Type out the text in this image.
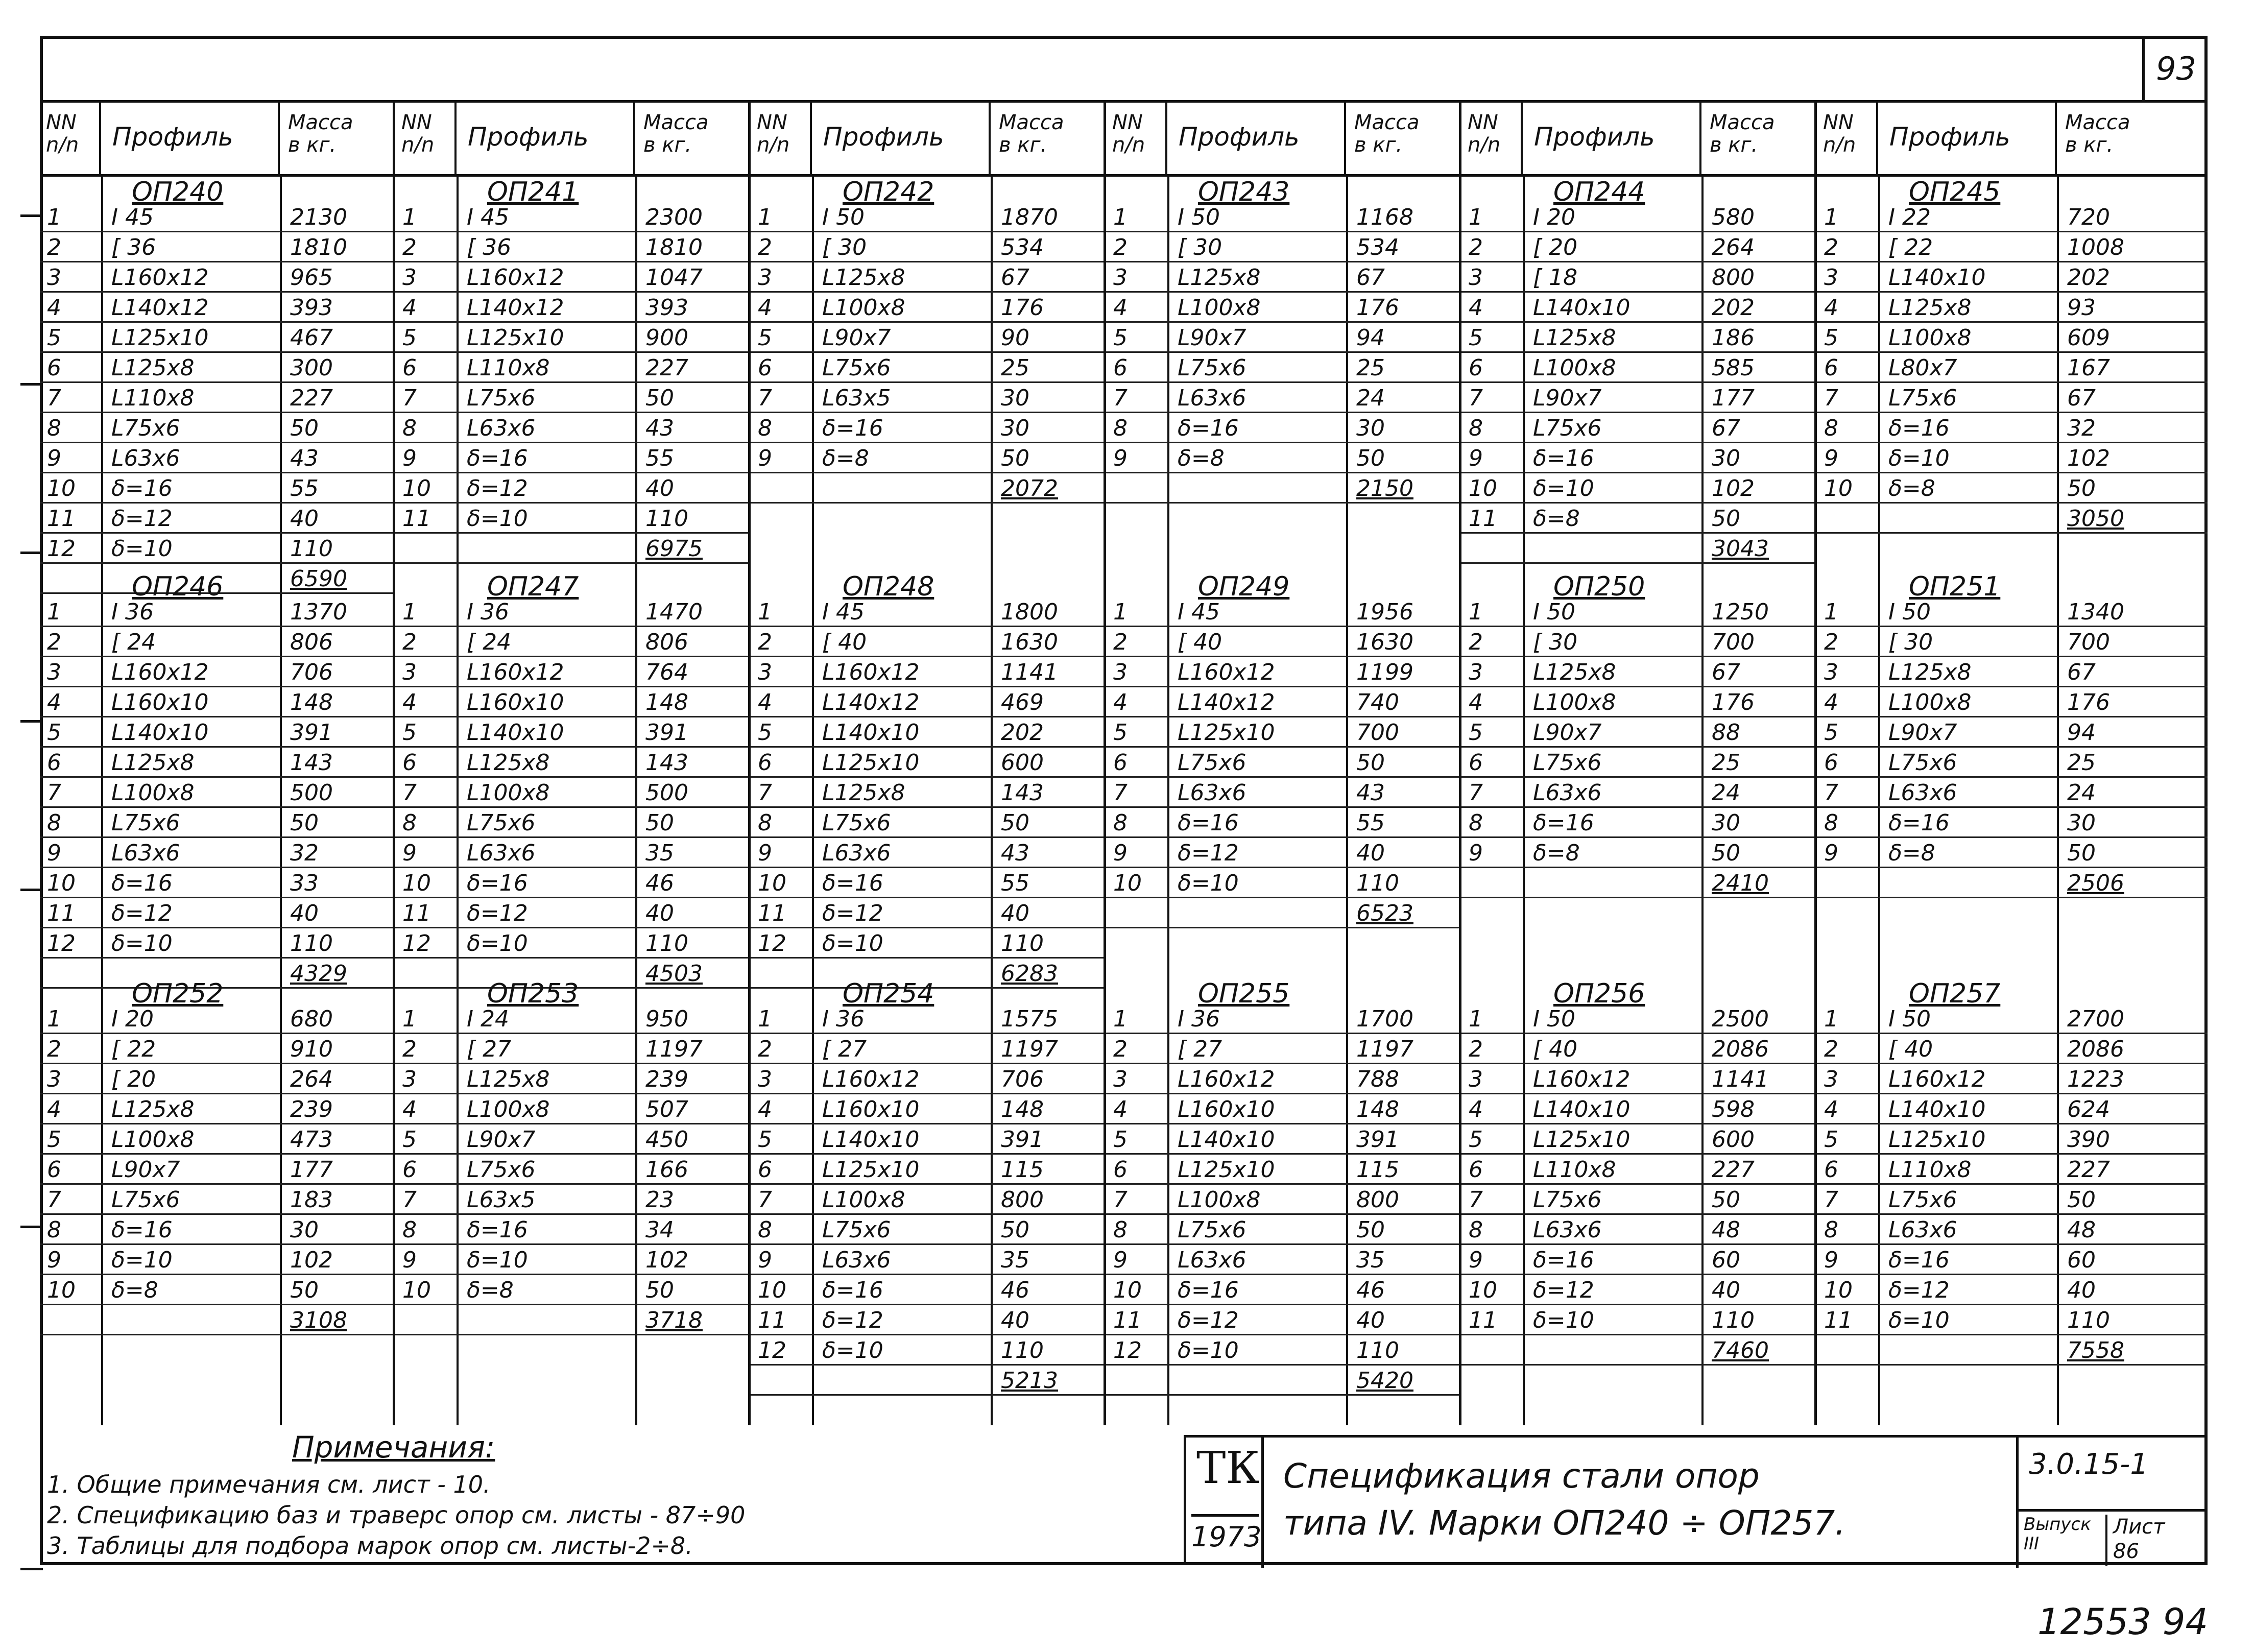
93
NN
n/n	Профиль	Масса
в кг.
ОП240
1 I 45	2130
2 [ 36	1810
3 L160x12	965
4 L140x12	393
5 L125x10	467
6 L125x8	300
7 L110x8	227
8 L75x6	50
9 L63x6	43
10 δ=16	55
11 δ=12	40
12 δ=10	110
6590
ОП246
1 I 36	1370
2 [ 24	806
3 L160x12	706
4 L160x10	148
5 L140x10	391
6 L125x8	143
7 L100x8	500
8 L75x6	50
9 L63x6	32
10 δ=16	33
11 δ=12	40
12 δ=10	110
4329
ОП252
1 I 20	680
2 [ 22	910
3 [ 20	264
4 L125x8	239
5 L100x8	473
6 L90x7	177
7 L75x6	183
8 δ=16	30
9 δ=10	102
10 δ=8	50
3108
NN
n/n	Профиль	Масса
в кг.
ОП241
1 I 45	2300
2 [ 36	1810
3 L160x12	1047
4 L140x12	393
5 L125x10	900
6 L110x8	227
7 L75x6	50
8 L63x6	43
9 δ=16	55
10 δ=12	40
11 δ=10	110
6975
ОП247
1 I 36	1470
2 [ 24	806
3 L160x12	764
4 L160x10	148
5 L140x10	391
6 L125x8	143
7 L100x8	500
8 L75x6	50
9 L63x6	35
10 δ=16	46
11 δ=12	40
12 δ=10	110
4503
ОП253
1 I 24	950
2 [ 27	1197
3 L125x8	239
4 L100x8	507
5 L90x7	450
6 L75x6	166
7 L63x5	23
8 δ=16	34
9 δ=10	102
10 δ=8	50
3718
NN
n/n	Профиль	Масса
в кг.
ОП242
1 I 50	1870
2 [ 30	534
3 L125x8	67
4 L100x8	176
5 L90x7	90
6 L75x6	25
7 L63x5	30
8 δ=16	30
9 δ=8	50
2072
ОП248
1 I 45	1800
2 [ 40	1630
3 L160x12	1141
4 L140x12	469
5 L140x10	202
6 L125x10	600
7 L125x8	143
8 L75x6	50
9 L63x6	43
10 δ=16	55
11 δ=12	40
12 δ=10	110
6283
ОП254
1 I 36	1575
2 [ 27	1197
3 L160x12	706
4 L160x10	148
5 L140x10	391
6 L125x10	115
7 L100x8	800
8 L75x6	50
9 L63x6	35
10 δ=16	46
11 δ=12	40
12 δ=10	110
5213
NN
n/n	Профиль	Масса
в кг.
ОП243
1 I 50	1168
2 [ 30	534
3 L125x8	67
4 L100x8	176
5 L90x7	94
6 L75x6	25
7 L63x6	24
8 δ=16	30
9 δ=8	50
2150
ОП249
1 I 45	1956
2 [ 40	1630
3 L160x12	1199
4 L140x12	740
5 L125x10	700
6 L75x6	50
7 L63x6	43
8 δ=16	55
9 δ=12	40
10 δ=10	110
6523
ОП255
1 I 36	1700
2 [ 27	1197
3 L160x12	788
4 L160x10	148
5 L140x10	391
6 L125x10	115
7 L100x8	800
8 L75x6	50
9 L63x6	35
10 δ=16	46
11 δ=12	40
12 δ=10	110
5420
NN
n/n	Профиль	Масса
в кг.
ОП244
1 I 20	580
2 [ 20	264
3 [ 18	800
4 L140x10	202
5 L125x8	186
6 L100x8	585
7 L90x7	177
8 L75x6	67
9 δ=16	30
10 δ=10	102
11 δ=8	50
3043
ОП250
1 I 50	1250
2 [ 30	700
3 L125x8	67
4 L100x8	176
5 L90x7	88
6 L75x6	25
7 L63x6	24
8 δ=16	30
9 δ=8	50
2410
ОП256
1 I 50	2500
2 [ 40	2086
3 L160x12	1141
4 L140x10	598
5 L125x10	600
6 L110x8	227
7 L75x6	50
8 L63x6	48
9 δ=16	60
10 δ=12	40
11 δ=10	110
7460
NN
n/n	Профиль	Масса
в кг.
ОП245
1 I 22	720
2 [ 22	1008
3 L140x10	202
4 L125x8	93
5 L100x8	609
6 L80x7	167
7 L75x6	67
8 δ=16	32
9 δ=10	102
10 δ=8	50
3050
ОП251
1 I 50	1340
2 [ 30	700
3 L125x8	67
4 L100x8	176
5 L90x7	94
6 L75x6	25
7 L63x6	24
8 δ=16	30
9 δ=8	50
2506
ОП257
1 I 50	2700
2 [ 40	2086
3 L160x12	1223
4 L140x10	624
5 L125x10	390
6 L110x8	227
7 L75x6	50
8 L63x6	48
9 δ=16	60
10 δ=12	40
11 δ=10	110
7558
Примечания:
1. Общие примечания см. лист - 10.
2. Спецификацию баз и траверс опор см. листы - 87÷90
3. Таблицы для подбора марок опор см. листы-2÷8.
ТК
1973
Спецификация стали опор
типа IV. Марки ОП240 ÷ ОП257.
3.0.15-1
Выпуск
III
Лист
86
12553 94
